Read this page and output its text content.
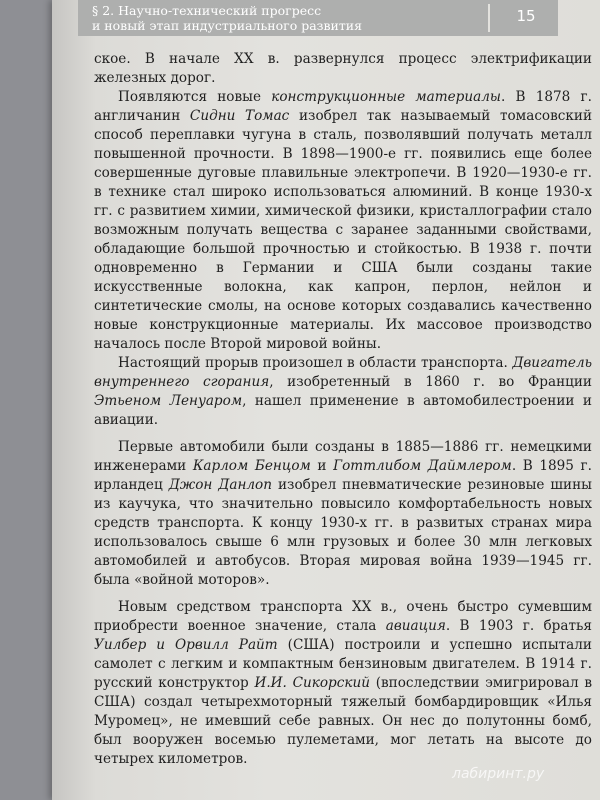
§ 2. Научно-технический прогресс
и новый этап индустриального развития
15

ское. В начале XX в. развернулся процесс электрификации железных дорог.

Появляются новые конструкционные материалы. В 1878 г. англичанин Сидни Томас изобрел так называемый томасовский способ переплавки чугуна в сталь, позволявший получать металл повышенной прочности. В 1898—1900-е гг. появились еще более совершенные дуговые плавильные электропечи. В 1920—1930-е гг. в технике стал широко использоваться алюминий. В конце 1930-х гг. с развитием химии, химической физики, кристаллографии стало возможным получать вещества с заранее заданными свойствами, обладающие большой прочностью и стойкостью. В 1938 г. почти одновременно в Германии и США были созданы такие искусственные волокна, как капрон, перлон, нейлон и синтетические смолы, на основе которых создавались качественно новые конструкционные материалы. Их массовое производство началось после Второй мировой войны.

Настоящий прорыв произошел в области транспорта. Двигатель внутреннего сгорания, изобретенный в 1860 г. во Франции Этьеном Ленуаром, нашел применение в автомобилестроении и авиации.

Первые автомобили были созданы в 1885—1886 гг. немецкими инженерами Карлом Бенцом и Готтлибом Даймлером. В 1895 г. ирландец Джон Данлоп изобрел пневматические резиновые шины из каучука, что значительно повысило комфортабельность новых средств транспорта. К концу 1930-х гг. в развитых странах мира использовалось свыше 6 млн грузовых и более 30 млн легковых автомобилей и автобусов. Вторая мировая война 1939—1945 гг. была «войной моторов».

Новым средством транспорта XX в., очень быстро сумевшим приобрести военное значение, стала авиация. В 1903 г. братья Уилбер и Орвилл Райт (США) построили и успешно испытали самолет с легким и компактным бензиновым двигателем. В 1914 г. русский конструктор И.И. Сикорский (впоследствии эмигрировал в США) создал четырехмоторный тяжелый бомбардировщик «Илья Муромец», не имевший себе равных. Он нес до полутонны бомб, был вооружен восемью пулеметами, мог летать на высоте до четырех километров.

лабиринт.ру
